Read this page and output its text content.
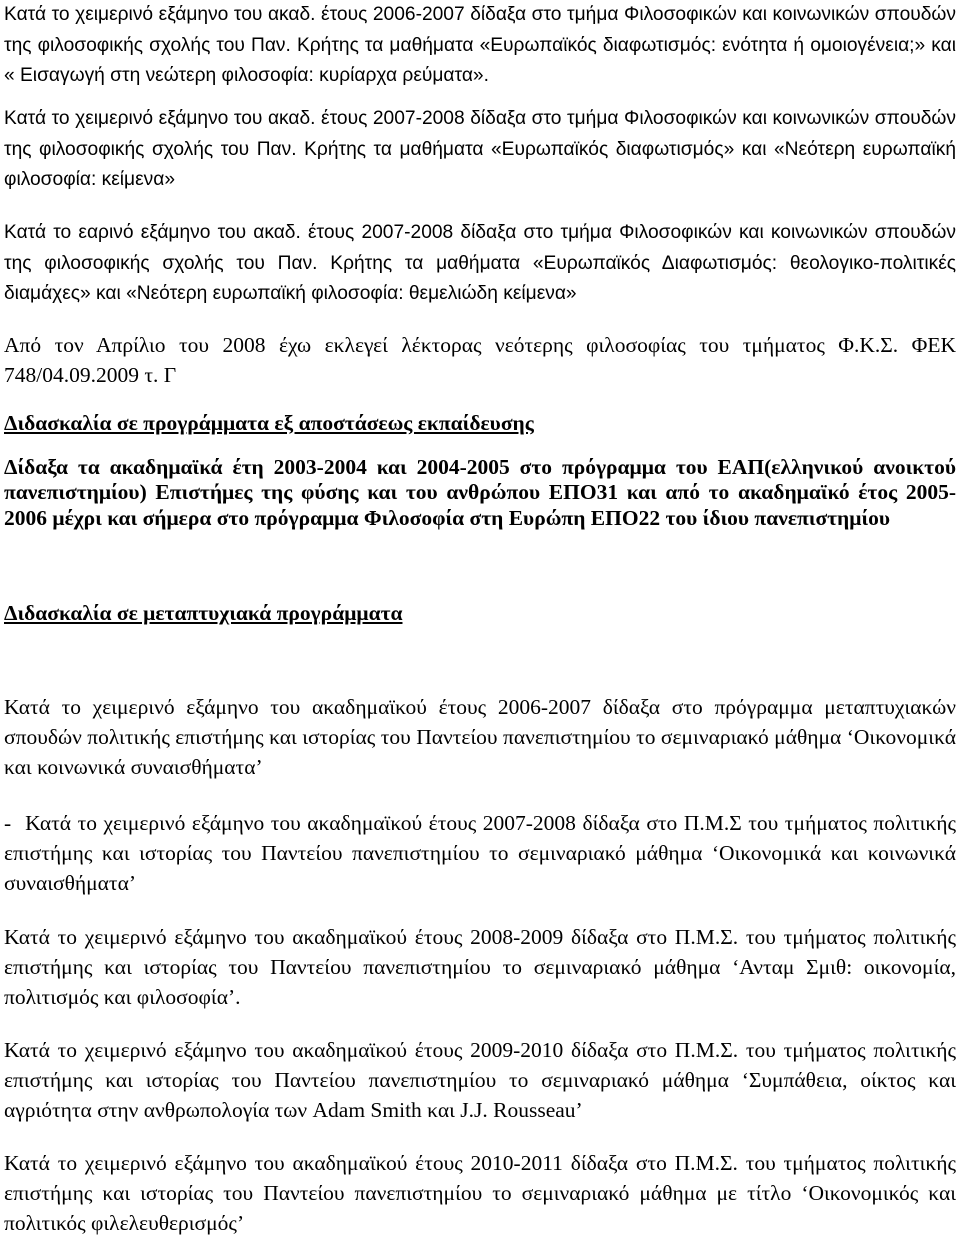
Κατά το χειμερινό εξάμηνο του ακαδ. έτους 2006-2007 δίδαξα στο τμήμα Φιλοσοφικών και κοινωνικών σπουδών της φιλοσοφικής σχολής του Παν. Κρήτης τα μαθήματα «Ευρωπαϊκός διαφωτισμός: ενότητα ή ομοιογένεια;» και « Εισαγωγή στη νεώτερη φιλοσοφία: κυρίαρχα ρεύματα».

Κατά το χειμερινό εξάμηνο του ακαδ. έτους 2007-2008 δίδαξα στο τμήμα Φιλοσοφικών και κοινωνικών σπουδών της φιλοσοφικής σχολής του Παν. Κρήτης τα μαθήματα «Ευρωπαϊκός διαφωτισμός» και «Νεότερη ευρωπαϊκή φιλοσοφία: κείμενα»

Κατά το εαρινό εξάμηνο του ακαδ. έτους 2007-2008 δίδαξα στο τμήμα Φιλοσοφικών και κοινωνικών σπουδών της φιλοσοφικής σχολής του Παν. Κρήτης τα μαθήματα «Ευρωπαϊκός Διαφωτισμός: θεολογικο-πολιτικές διαμάχες» και «Νεότερη ευρωπαϊκή φιλοσοφία: θεμελιώδη κείμενα»

Από τον Απρίλιο του 2008 έχω εκλεγεί λέκτορας νεότερης φιλοσοφίας του τμήματος Φ.Κ.Σ. ΦΕΚ 748/04.09.2009 τ. Γ

Διδασκαλία σε προγράμματα εξ αποστάσεως εκπαίδευσης

Δίδαξα τα ακαδημαϊκά έτη 2003-2004 και 2004-2005 στο πρόγραμμα του ΕΑΠ(ελληνικού ανοικτού πανεπιστημίου) Επιστήμες της φύσης και του ανθρώπου ΕΠΟ31 και από το ακαδημαϊκό έτος 2005-2006 μέχρι και σήμερα στο πρόγραμμα Φιλοσοφία στη Ευρώπη ΕΠΟ22 του ίδιου πανεπιστημίου

Διδασκαλία σε μεταπτυχιακά προγράμματα

Κατά το χειμερινό εξάμηνο του ακαδημαϊκού έτους 2006-2007 δίδαξα στο πρόγραμμα μεταπτυχιακών σπουδών πολιτικής επιστήμης και ιστορίας του Παντείου πανεπιστημίου το σεμιναριακό μάθημα ‘Οικονομικά και κοινωνικά συναισθήματα’

- Κατά το χειμερινό εξάμηνο του ακαδημαϊκού έτους 2007-2008 δίδαξα στο Π.Μ.Σ του τμήματος πολιτικής επιστήμης και ιστορίας του Παντείου πανεπιστημίου το σεμιναριακό μάθημα ‘Οικονομικά και κοινωνικά συναισθήματα’

Κατά το χειμερινό εξάμηνο του ακαδημαϊκού έτους 2008-2009 δίδαξα στο Π.Μ.Σ. του τμήματος πολιτικής επιστήμης και ιστορίας του Παντείου πανεπιστημίου το σεμιναριακό μάθημα ‘Ανταμ Σμιθ: οικονομία, πολιτισμός και φιλοσοφία’.

Κατά το χειμερινό εξάμηνο του ακαδημαϊκού έτους 2009-2010 δίδαξα στο Π.Μ.Σ. του τμήματος πολιτικής επιστήμης και ιστορίας του Παντείου πανεπιστημίου το σεμιναριακό μάθημα ‘Συμπάθεια, οίκτος και αγριότητα στην ανθρωπολογία των Adam Smith και J.J. Rousseau’

Κατά το χειμερινό εξάμηνο του ακαδημαϊκού έτους 2010-2011 δίδαξα στο Π.Μ.Σ. του τμήματος πολιτικής επιστήμης και ιστορίας του Παντείου πανεπιστημίου το σεμιναριακό μάθημα με τίτλο ‘Οικονομικός και πολιτικός φιλελευθερισμός’
